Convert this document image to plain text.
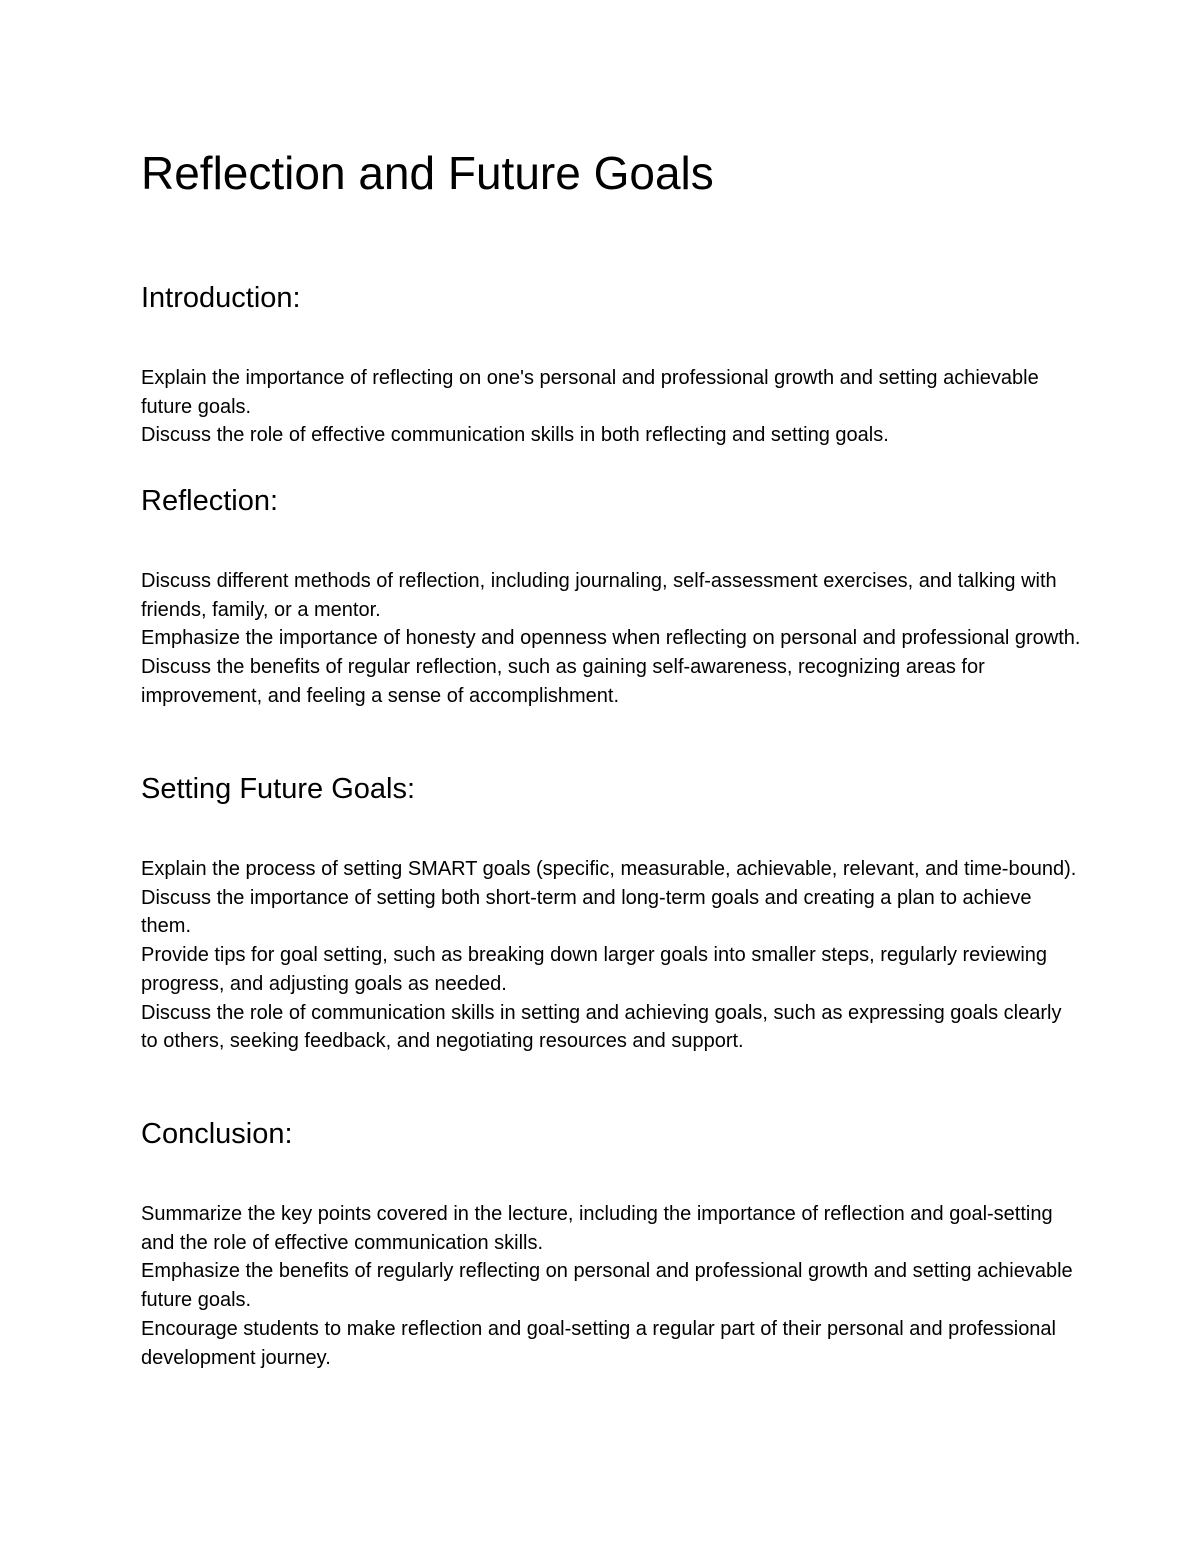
Reflection and Future Goals
Introduction:

Explain the importance of reflecting on one's personal and professional growth and setting achievable future goals.

Discuss the role of effective communication skills in both reflecting and setting goals.

Reflection:

Discuss different methods of reflection, including journaling, self-assessment exercises, and talking with friends, family, or a mentor.

Emphasize the importance of honesty and openness when reflecting on personal and professional growth.

Discuss the benefits of regular reflection, such as gaining self-awareness, recognizing areas for improvement, and feeling a sense of accomplishment.

Setting Future Goals:

Explain the process of setting SMART goals (specific, measurable, achievable, relevant, and time-bound).

Discuss the importance of setting both short-term and long-term goals and creating a plan to achieve them.

Provide tips for goal setting, such as breaking down larger goals into smaller steps, regularly reviewing progress, and adjusting goals as needed.

Discuss the role of communication skills in setting and achieving goals, such as expressing goals clearly to others, seeking feedback, and negotiating resources and support.

Conclusion:

Summarize the key points covered in the lecture, including the importance of reflection and goal-setting and the role of effective communication skills.

Emphasize the benefits of regularly reflecting on personal and professional growth and setting achievable future goals.

Encourage students to make reflection and goal-setting a regular part of their personal and professional development journey.
